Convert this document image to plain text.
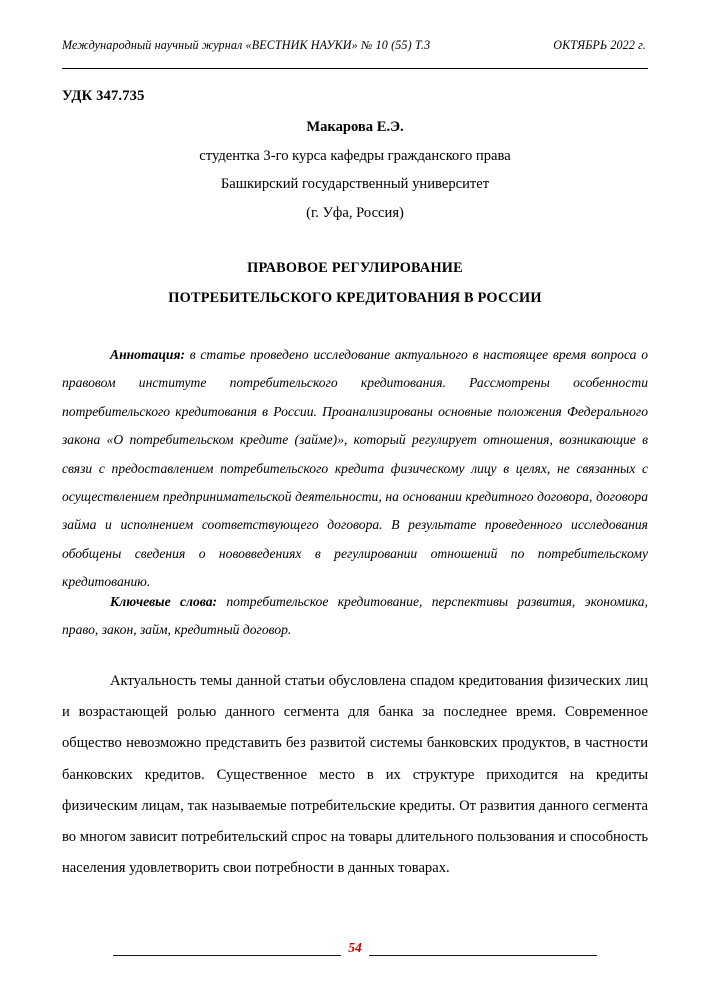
Международный научный журнал «ВЕСТНИК НАУКИ» № 10 (55) Т.3	ОКТЯБРЬ 2022 г.
УДК 347.735
Макарова Е.Э.
студентка 3-го курса кафедры гражданского права
Башкирский государственный университет
(г. Уфа, Россия)
ПРАВОВОЕ РЕГУЛИРОВАНИЕ
ПОТРЕБИТЕЛЬСКОГО КРЕДИТОВАНИЯ В РОССИИ
Аннотация: в статье проведено исследование актуального в настоящее время вопроса о правовом институте потребительского кредитования. Рассмотрены особенности потребительского кредитования в России. Проанализированы основные положения Федерального закона «О потребительском кредите (займе)», который регулирует отношения, возникающие в связи с предоставлением потребительского кредита физическому лицу в целях, не связанных с осуществлением предпринимательской деятельности, на основании кредитного договора, договора займа и исполнением соответствующего договора. В результате проведенного исследования обобщены сведения о нововведениях в регулировании отношений по потребительскому кредитованию.
Ключевые слова: потребительское кредитование, перспективы развития, экономика, право, закон, займ, кредитный договор.

Актуальность темы данной статьи обусловлена спадом кредитования физических лиц и возрастающей ролью данного сегмента для банка за последнее время. Современное общество невозможно представить без развитой системы банковских продуктов, в частности банковских кредитов. Существенное место в их структуре приходится на кредиты физическим лицам, так называемые потребительские кредиты. От развития данного сегмента во многом зависит потребительский спрос на товары длительного пользования и способность населения удовлетворить свои потребности в данных товарах.

54
